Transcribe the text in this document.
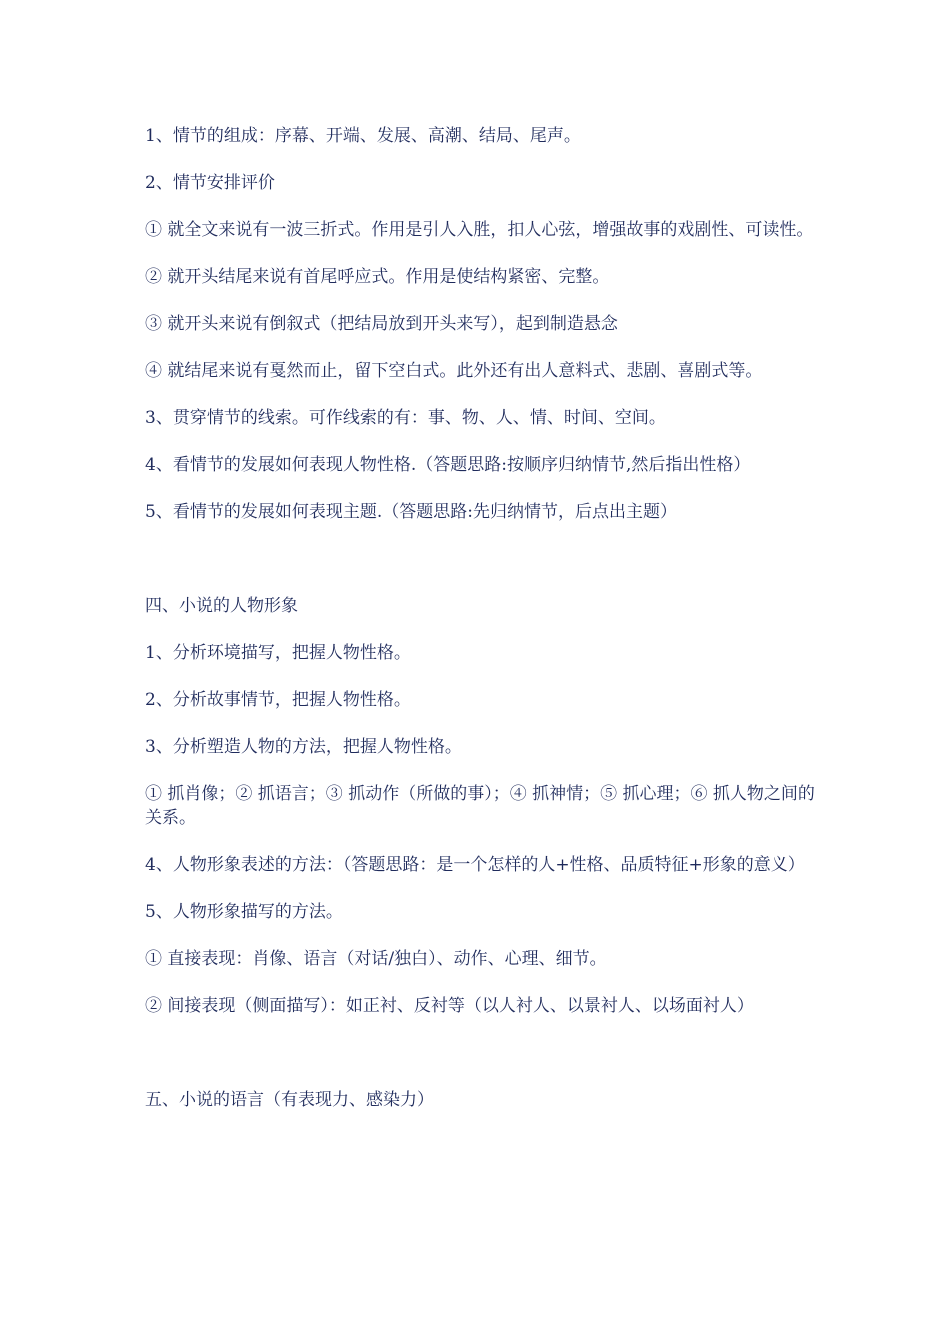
1、情节的组成：序幕、开端、发展、高潮、结局、尾声。

2、情节安排评价

① 就全文来说有一波三折式。作用是引人入胜，扣人心弦，增强故事的戏剧性、可读性。

② 就开头结尾来说有首尾呼应式。作用是使结构紧密、完整。

③ 就开头来说有倒叙式（把结局放到开头来写），起到制造悬念

④ 就结尾来说有戛然而止，留下空白式。此外还有出人意料式、悲剧、喜剧式等。

3、贯穿情节的线索。可作线索的有：事、物、人、情、时间、空间。

4、看情节的发展如何表现人物性格.（答题思路:按顺序归纳情节,然后指出性格）

5、看情节的发展如何表现主题.（答题思路:先归纳情节，后点出主题）

四、小说的人物形象

1、分析环境描写，把握人物性格。

2、分析故事情节，把握人物性格。

3、分析塑造人物的方法，把握人物性格。

① 抓肖像；② 抓语言；③ 抓动作（所做的事）；④ 抓神情；⑤ 抓心理；⑥ 抓人物之间的关系。

4、人物形象表述的方法：（答题思路：是一个怎样的人+性格、品质特征+形象的意义）

5、人物形象描写的方法。

① 直接表现：肖像、语言（对话/独白）、动作、心理、细节。

② 间接表现（侧面描写）：如正衬、反衬等（以人衬人、以景衬人、以场面衬人）

五、小说的语言（有表现力、感染力）
